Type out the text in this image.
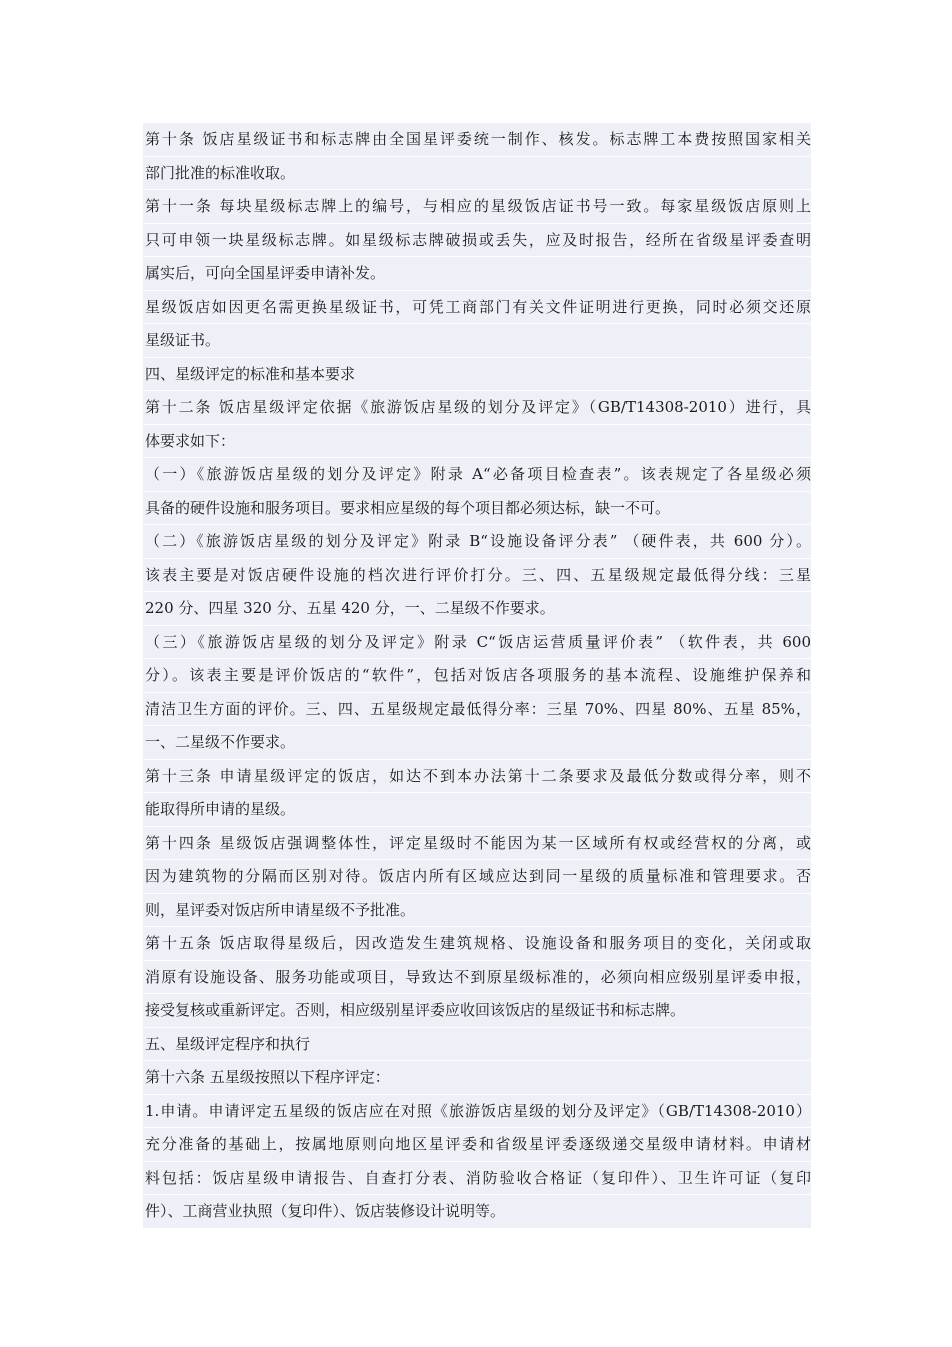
第十条 饭店星级证书和标志牌由全国星评委统一制作、核发。标志牌工本费按照国家相关
部门批准的标准收取。
第十一条 每块星级标志牌上的编号，与相应的星级饭店证书号一致。每家星级饭店原则上
只可申领一块星级标志牌。如星级标志牌破损或丢失，应及时报告，经所在省级星评委查明
属实后，可向全国星评委申请补发。
星级饭店如因更名需更换星级证书，可凭工商部门有关文件证明进行更换，同时必须交还原
星级证书。
四、星级评定的标准和基本要求
第十二条 饭店星级评定依据《旅游饭店星级的划分及评定》（GB/T14308-2010）进行，具
体要求如下：
（一）《旅游饭店星级的划分及评定》附录 A“必备项目检查表”。该表规定了各星级必须
具备的硬件设施和服务项目。要求相应星级的每个项目都必须达标，缺一不可。
（二）《旅游饭店星级的划分及评定》附录 B“设施设备评分表” （硬件表，共 600 分）。
该表主要是对饭店硬件设施的档次进行评价打分。三、四、五星级规定最低得分线：三星
220 分、四星 320 分、五星 420 分，一、二星级不作要求。
（三）《旅游饭店星级的划分及评定》附录 C“饭店运营质量评价表” （软件表，共 600
分）。该表主要是评价饭店的“软件”，包括对饭店各项服务的基本流程、设施维护保养和
清洁卫生方面的评价。三、四、五星级规定最低得分率：三星 70%、四星 80%、五星 85%，
一、二星级不作要求。
第十三条 申请星级评定的饭店，如达不到本办法第十二条要求及最低分数或得分率，则不
能取得所申请的星级。
第十四条 星级饭店强调整体性，评定星级时不能因为某一区域所有权或经营权的分离，或
因为建筑物的分隔而区别对待。饭店内所有区域应达到同一星级的质量标准和管理要求。否
则，星评委对饭店所申请星级不予批准。
第十五条 饭店取得星级后，因改造发生建筑规格、设施设备和服务项目的变化，关闭或取
消原有设施设备、服务功能或项目，导致达不到原星级标准的，必须向相应级别星评委申报，
接受复核或重新评定。否则，相应级别星评委应收回该饭店的星级证书和标志牌。
五、星级评定程序和执行
第十六条 五星级按照以下程序评定：
1.申请。申请评定五星级的饭店应在对照《旅游饭店星级的划分及评定》（GB/T14308-2010）
充分准备的基础上，按属地原则向地区星评委和省级星评委逐级递交星级申请材料。申请材
料包括：饭店星级申请报告、自查打分表、消防验收合格证（复印件）、卫生许可证（复印
件）、工商营业执照（复印件）、饭店装修设计说明等。
